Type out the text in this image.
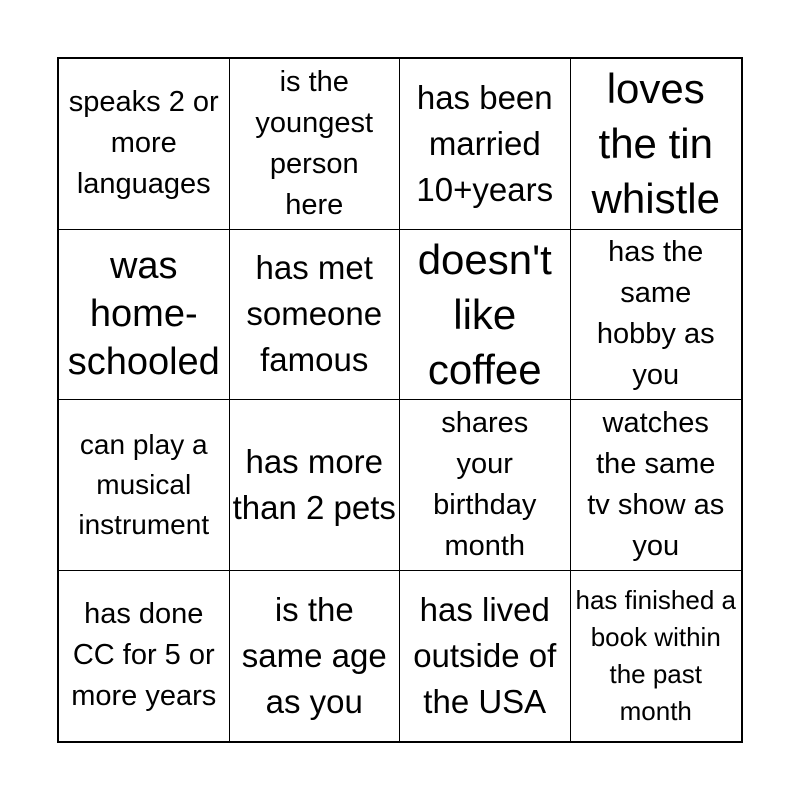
speaks 2 or more languages
is the youngest person here
has been married 10+years
loves the tin whistle
was home-schooled
has met someone famous
doesn't like coffee
has the same hobby as you
can play a musical instrument
has more than 2 pets
shares your birthday month
watches the same tv show as you
has done CC for 5 or more years
is the same age as you
has lived outside of the USA
has finished a book within the past month
